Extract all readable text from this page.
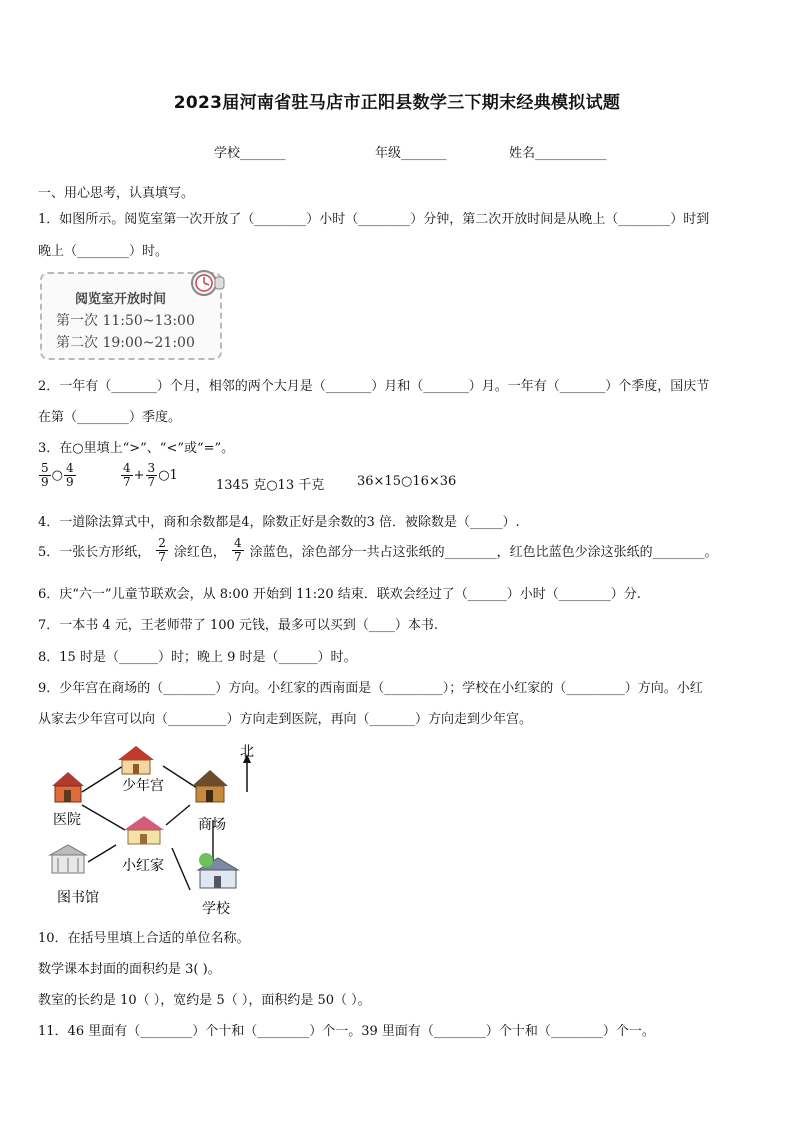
2023届河南省驻马店市正阳县数学三下期末经典模拟试题
学校_______	年级_______	姓名___________
一、用心思考，认真填写。
1．如图所示。阅览室第一次开放了（________）小时（________）分钟，第二次开放时间是从晚上（________）时到
晚上（________）时。
阅览室开放时间
第一次 11:50~13:00
第二次 19:00~21:00
2．一年有（_______）个月，相邻的两个大月是（_______）月和（_______）月。一年有（_______）个季度，国庆节
在第（________）季度。
3．在○里填上“>”、“<”或“=”。
$\frac{5}{9}$ ○ $\frac{4}{9}$	$\frac{4}{7} + \frac{3}{7}$ ○1
1345 克○13 千克	36×15○16×36
4．一道除法算式中，商和余数都是4，除数正好是余数的3 倍．被除数是（_____）.
5．一张长方形纸， $\frac{2}{7}$ 涂红色， $\frac{4}{7}$ 涂蓝色，涂色部分一共占这张纸的________，红色比蓝色少涂这张纸的________。
6．庆“六一”儿童节联欢会，从 8:00 开始到 11:20 结束．联欢会经过了（______）小时（________）分.
7．一本书 4 元，王老师带了 100 元钱，最多可以买到（____）本书.
8．15 时是（______）时；晚上 9 时是（______）时。
9．少年宫在商场的（________）方向。小红家的西南面是（_________）；学校在小红家的（_________）方向。小红
从家去少年宫可以向（_________）方向走到医院，再向（_______）方向走到少年宫。
北
少年宫
医院	商场
小红家
图书馆
学校
10．在括号里填上合适的单位名称。
数学课本封面的面积约是 3( )。
教室的长约是 10（ ），宽约是 5（ ），面积约是 50（ ）。
11．46 里面有（________）个十和（________）个一。39 里面有（________）个十和（________）个一。
